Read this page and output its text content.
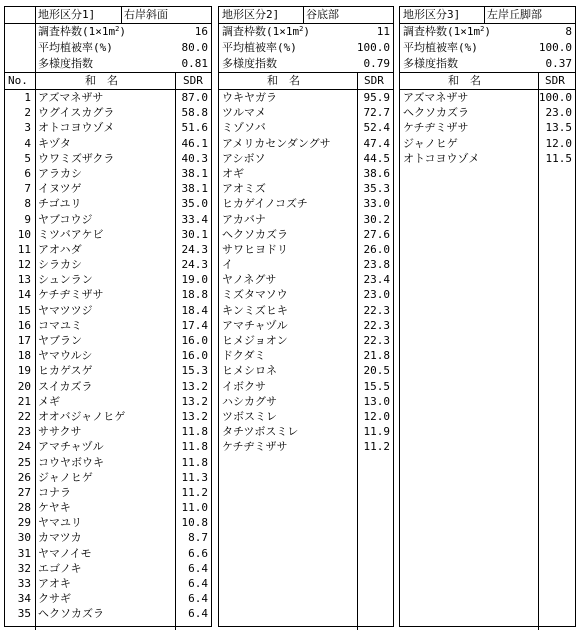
地形区分1]	右岸斜面
調査枠数$(1\times 1m^2)$	16
平均植被率(%)	80.0
多様度指数	0.81
No.	和　名	SDR
1 アズマネザサ	87.0
2 ウグイスカグラ	58.8
3 オトコヨウゾメ	51.6
4 キヅタ	46.1
5 ウワミズザクラ	40.3
6 アラカシ	38.1
7 イヌツゲ	38.1
8 チゴユリ	35.0
9 ヤブコウジ	33.4
10 ミツバアケビ	30.1
11 アオハダ	24.3
12 シラカシ	24.3
13 シュンラン	19.0
14 ケチヂミザサ	18.8
15 ヤマツツジ	18.4
16 コマユミ	17.4
17 ヤブラン	16.0
18 ヤマウルシ	16.0
19 ヒカゲスゲ	15.3
20 スイカズラ	13.2
21 メギ	13.2
22 オオバジャノヒゲ	13.2
23 ササクサ	11.8
24 アマチャヅル	11.8
25 コウヤボウキ	11.8
26 ジャノヒゲ	11.3
27 コナラ	11.2
28 ケヤキ	11.0
29 ヤマユリ	10.8
30 カマツカ	8.7
31 ヤマノイモ	6.6
32 エゴノキ	6.4
33 アオキ	6.4
34 クサギ	6.4
35 ヘクソカズラ	6.4
地形区分2] 谷底部
調査枠数$(1\times 1m^2)$	11
平均植被率(%)	100.0
多様度指数	0.79
和　名	SDR
ウキヤガラ	95.9
ツルマメ	72.7
ミゾソバ	52.4
アメリカセンダングサ	47.4
アシボソ	44.5
オギ	38.6
アオミズ	35.3
ヒカゲイノコズチ	33.0
アカバナ	30.2
ヘクソカズラ	27.6
サワヒヨドリ	26.0
イ	23.8
ヤノネグサ	23.4
ミズタマソウ	23.0
キンミズヒキ	22.3
アマチャヅル	22.3
ヒメジョオン	22.3
ドクダミ	21.8
ヒメシロネ	20.5
イボクサ	15.5
ハシカグサ	13.0
ツボスミレ	12.0
タチツボスミレ	11.9
ケチヂミザサ	11.2
地形区分3] 左岸丘脚部
調査枠数$(1\times 1m^2)$	8
平均植被率(%)	100.0
多様度指数	0.37
和　名	SDR
アズマネザサ	100.0
ヘクソカズラ	23.0
ケチヂミザサ	13.5
ジャノヒゲ	12.0
オトコヨウゾメ	11.5
